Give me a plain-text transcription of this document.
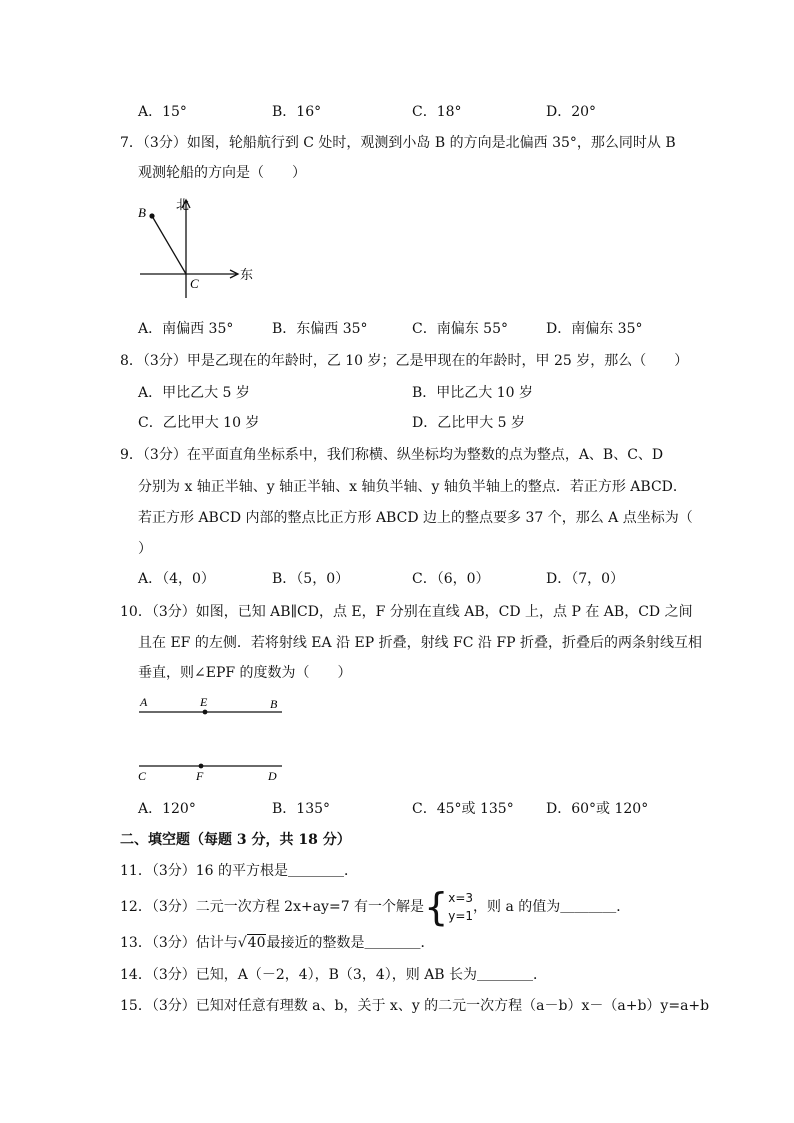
A．15°	B．16°	C．18°	D．20°
7．（3分）如图，轮船航行到 C 处时，观测到小岛 B 的方向是北偏西 35°，那么同时从 B
观测轮船的方向是（　　）
北
东
B
C
A．南偏西 35°	B．东偏西 35°	C．南偏东 55°	D．南偏东 35°
8．（3分）甲是乙现在的年龄时，乙 10 岁；乙是甲现在的年龄时，甲 25 岁，那么（　　）
A．甲比乙大 5 岁	B．甲比乙大 10 岁
C．乙比甲大 10 岁	D．乙比甲大 5 岁
9．（3分）在平面直角坐标系中，我们称横、纵坐标均为整数的点为整点，A、B、C、D
分别为 x 轴正半轴、y 轴正半轴、x 轴负半轴、y 轴负半轴上的整点．若正方形 ABCD．
若正方形 ABCD 内部的整点比正方形 ABCD 边上的整点要多 37 个，那么 A 点坐标为（
）
A．（4，0）	B．（5，0）	C．（6，0）	D．（7，0）
10．（3分）如图，已知 AB∥CD，点 E，F 分别在直线 AB，CD 上，点 P 在 AB，CD 之间
且在 EF 的左侧．若将射线 EA 沿 EP 折叠，射线 FC 沿 FP 折叠，折叠后的两条射线互相
垂直，则∠EPF 的度数为（　　）
A	E	B
C	F	D
A．120°	B．135°	C．45°或 135° D．60°或 120°
二、填空题（每题 3 分，共 18 分）
11．（3分）16 的平方根是＿＿＿＿．
12．（3分）二元一次方程 2x+ay=7 有一个解是{ x=3
y=1
，则 a 的值为＿＿＿＿．
13．（3分）估计与√40最接近的整数是＿＿＿＿．
14．（3分）已知，A（－2，4），B（3，4），则 AB 长为＿＿＿＿．
15．（3分）已知对任意有理数 a、b，关于 x、y 的二元一次方程（a－b）x－（a+b）y=a+b
